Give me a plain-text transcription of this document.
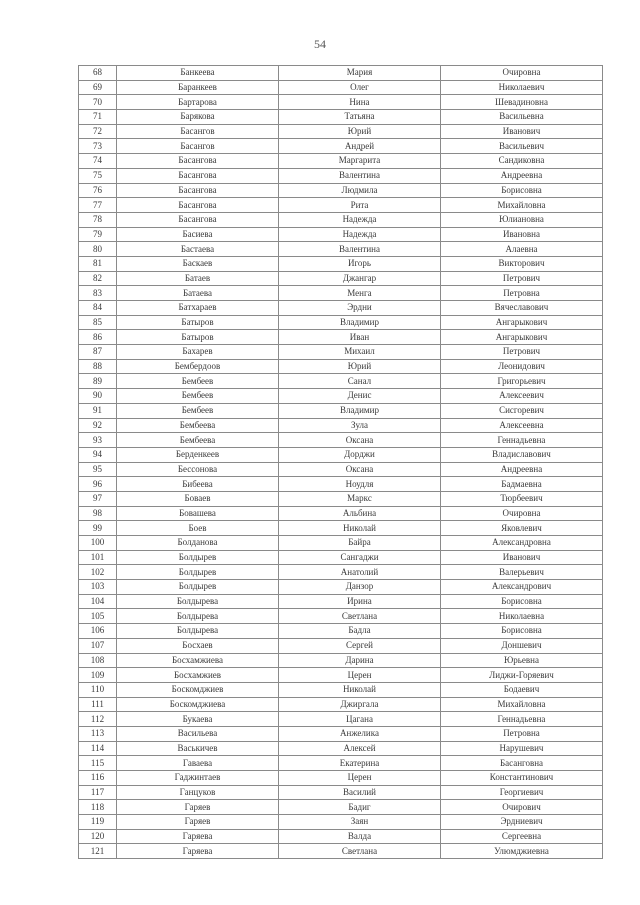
54
68	Банкеева	Мария	Очировна
69	Баранкеев	Олег	Николаевич
70	Бартарова	Нина	Шевадиновна
71	Барякова	Татьяна	Васильевна
72	Басангов	Юрий	Иванович
73	Басангов	Андрей	Васильевич
74	Басангова	Маргарита	Сандиковна
75	Басангова	Валентина	Андреевна
76	Басангова	Людмила	Борисовна
77	Басангова	Рита	Михайловна
78	Басангова	Надежда	Юлиановна
79	Басиева	Надежда	Ивановна
80	Бастаева	Валентина	Алаевна
81	Баскаев	Игорь	Викторович
82	Батаев	Джангар	Петрович
83	Батаева	Менга	Петровна
84	Батхараев	Эрдни	Вячеславович
85	Батыров	Владимир	Ангарыкович
86	Батыров	Иван	Ангарыкович
87	Бахарев	Михаил	Петрович
88	Бембердоов	Юрий	Леонидович
89	Бембеев	Санал	Григорьевич
90	Бембеев	Денис	Алексеевич
91	Бембеев	Владимир	Сисгоревич
92	Бембеева	Зула	Алексеевна
93	Бембеева	Оксана	Геннадьевна
94	Берденкеев	Дорджи	Владиславович
95	Бессонова	Оксана	Андреевна
96	Бибеева	Ноудля	Бадмаевна
97	Боваев	Маркс	Тюрбеевич
98	Бовашева	Альбина	Очировна
99	Боев	Николай	Яковлевич
100	Болданова	Байра	Александровна
101	Болдырев	Сангаджи	Иванович
102	Болдырев	Анатолий	Валерьевич
103	Болдырев	Данзор	Александрович
104	Болдырева	Ирина	Борисовна
105	Болдырева	Светлана	Николаевна
106	Болдырева	Бадла	Борисовна
107	Босхаев	Сергей	Доншевич
108	Босхамжиева	Дарина	Юрьевна
109	Босхамжиев	Церен	Лиджи-Горяевич
110	Боскомджиев	Николай	Бодаевич
111	Боскомджиева	Джиргала	Михайловна
112	Букаева	Цагана	Геннадьевна
113	Васильева	Анжелика	Петровна
114	Васькичев	Алексей	Нарушевич
115	Гаваева	Екатерина	Басанговна
116	Гаджинтаев	Церен	Константинович
117	Ганцуков	Василий	Георгиевич
118	Гаряев	Бадиг	Очирович
119	Гаряев	Заян	Эрдниевич
120	Гаряева	Валда	Сергеевна
121	Гаряева	Светлана	Улюмджиевна
